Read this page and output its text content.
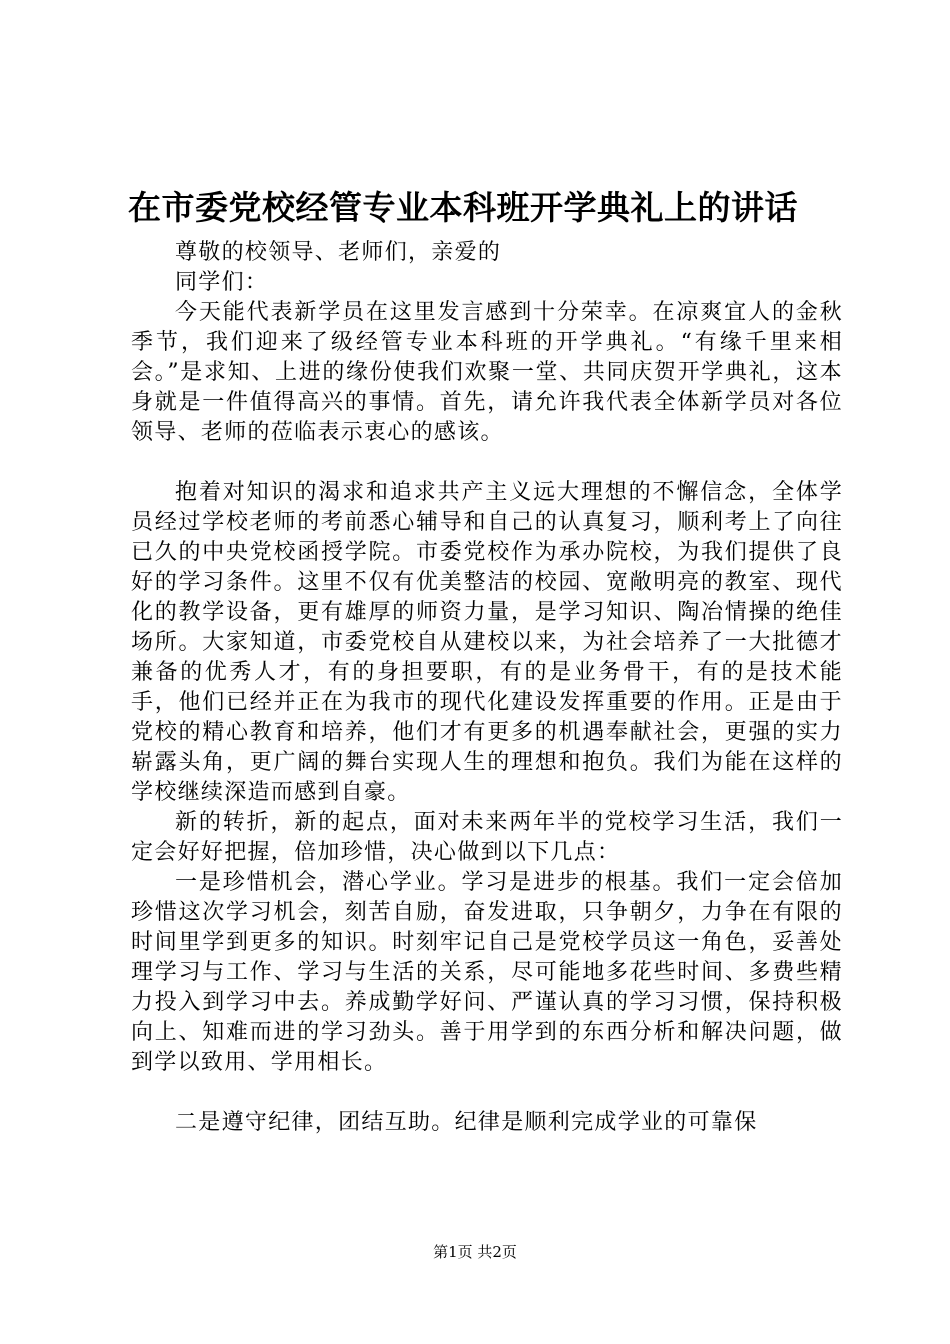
在市委党校经管专业本科班开学典礼上的讲话

尊敬的校领导、老师们，亲爱的

同学们：

今天能代表新学员在这里发言感到十分荣幸。在凉爽宜人的金秋季节，我们迎来了级经管专业本科班的开学典礼。“有缘千里来相会。”是求知、上进的缘份使我们欢聚一堂、共同庆贺开学典礼，这本身就是一件值得高兴的事情。首先，请允许我代表全体新学员对各位领导、老师的莅临表示衷心的感该。

抱着对知识的渴求和追求共产主义远大理想的不懈信念，全体学员经过学校老师的考前悉心辅导和自己的认真复习，顺利考上了向往已久的中央党校函授学院。市委党校作为承办院校，为我们提供了良好的学习条件。这里不仅有优美整洁的校园、宽敞明亮的教室、现代化的教学设备，更有雄厚的师资力量，是学习知识、陶冶情操的绝佳场所。大家知道，市委党校自从建校以来，为社会培养了一大批德才兼备的优秀人才，有的身担要职，有的是业务骨干，有的是技术能手，他们已经并正在为我市的现代化建设发挥重要的作用。正是由于党校的精心教育和培养，他们才有更多的机遇奉献社会，更强的实力崭露头角，更广阔的舞台实现人生的理想和抱负。我们为能在这样的学校继续深造而感到自豪。

新的转折，新的起点，面对未来两年半的党校学习生活，我们一定会好好把握，倍加珍惜，决心做到以下几点：

一是珍惜机会，潜心学业。学习是进步的根基。我们一定会倍加珍惜这次学习机会，刻苦自励，奋发进取，只争朝夕，力争在有限的时间里学到更多的知识。时刻牢记自己是党校学员这一角色，妥善处理学习与工作、学习与生活的关系，尽可能地多花些时间、多费些精力投入到学习中去。养成勤学好问、严谨认真的学习习惯，保持积极向上、知难而进的学习劲头。善于用学到的东西分析和解决问题，做到学以致用、学用相长。

二是遵守纪律，团结互助。纪律是顺利完成学业的可靠保

第1页 共2页
